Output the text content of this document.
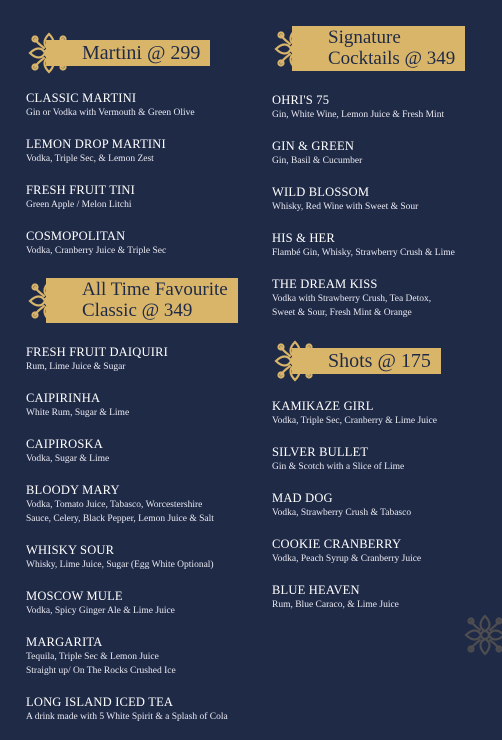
Martini @ 299
CLASSIC MARTINI
Gin or Vodka with Vermouth & Green Olive
LEMON DROP MARTINI
Vodka, Triple Sec, & Lemon Zest
FRESH FRUIT TINI
Green Apple / Melon Litchi
COSMOPOLITAN
Vodka, Cranberry Juice & Triple Sec
All Time Favourite
Classic @ 349
FRESH FRUIT DAIQUIRI
Rum, Lime Juice & Sugar
CAIPIRINHA
White Rum, Sugar & Lime
CAIPIROSKA
Vodka, Sugar & Lime
BLOODY MARY
Vodka, Tomato Juice, Tabasco, Worcestershire
Sauce, Celery, Black Pepper, Lemon Juice & Salt
WHISKY SOUR
Whisky, Lime Juice, Sugar (Egg White Optional)
MOSCOW MULE
Vodka, Spicy Ginger Ale & Lime Juice
MARGARITA
Tequila, Triple Sec & Lemon Juice
Straight up/ On The Rocks Crushed Ice
LONG ISLAND ICED TEA
A drink made with 5 White Spirit & a Splash of Cola
Signature
Cocktails @ 349
OHRI'S 75
Gin, White Wine, Lemon Juice & Fresh Mint
GIN & GREEN
Gin, Basil & Cucumber
WILD BLOSSOM
Whisky, Red Wine with Sweet & Sour
HIS & HER
Flambé Gin, Whisky, Strawberry Crush & Lime
THE DREAM KISS
Vodka with Strawberry Crush, Tea Detox,
Sweet & Sour, Fresh Mint & Orange
Shots @ 175
KAMIKAZE GIRL
Vodka, Triple Sec, Cranberry & Lime Juice
SILVER BULLET
Gin & Scotch with a Slice of Lime
MAD DOG
Vodka, Strawberry Crush & Tabasco
COOKIE CRANBERRY
Vodka, Peach Syrup & Cranberry Juice
BLUE HEAVEN
Rum, Blue Caraco, & Lime Juice
